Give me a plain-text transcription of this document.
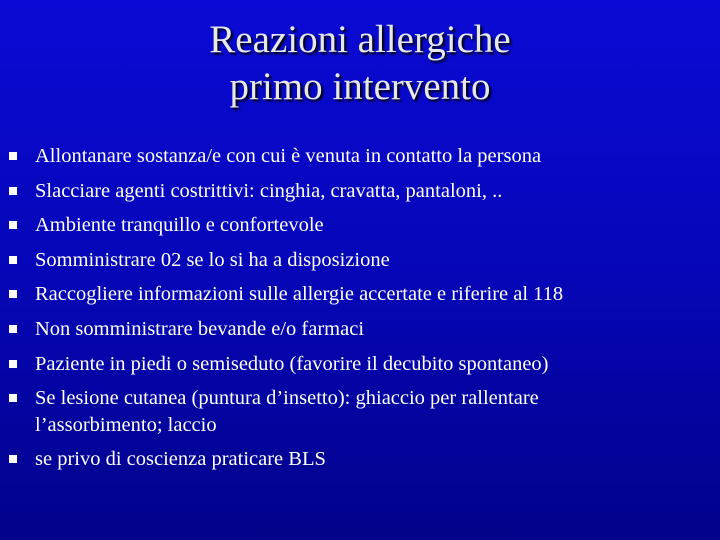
Reazioni allergiche
primo intervento
Allontanare sostanza/e con cui è venuta in contatto la persona
Slacciare agenti costrittivi: cinghia, cravatta, pantaloni, ..
Ambiente tranquillo e confortevole
Somministrare 02 se lo si ha a disposizione
Raccogliere informazioni sulle allergie accertate e riferire al 118
Non somministrare bevande e/o farmaci
Paziente in piedi o semiseduto (favorire il decubito spontaneo)
Se lesione cutanea (puntura d’insetto): ghiaccio per rallentare l’assorbimento; laccio
se privo di coscienza praticare BLS
